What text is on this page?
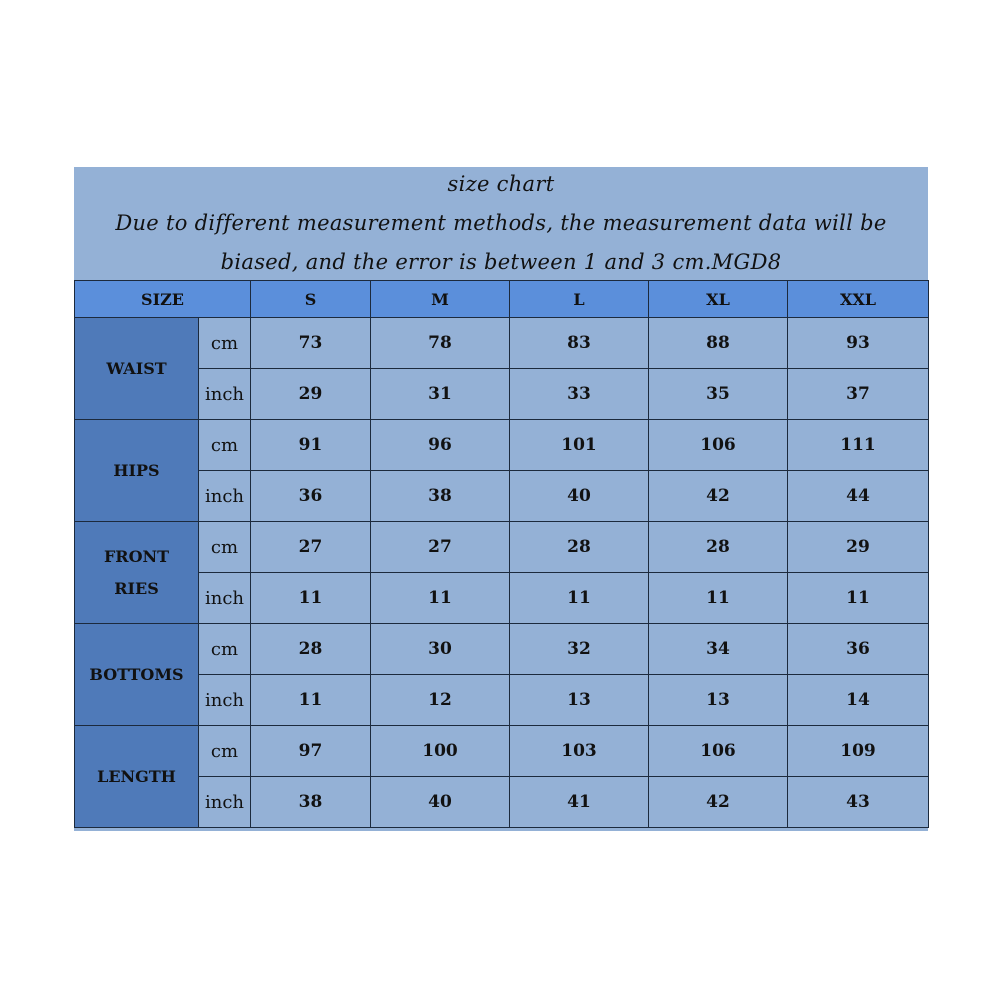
size chart
Due to different measurement methods, the measurement data will be
biased, and the error is between 1 and 3 cm.MGD8
SIZE		S	M	L	XL	XXL

WAIST	cm	73	78	83	88	93
	inch	29	31	33	35	37

HIPS	cm	91	96	101	106	111
	inch	36	38	40	42	44

FRONT
RIES	cm	27	27	28	28	29
	inch	11	11	11	11	11

BOTTOMS	cm	28	30	32	34	36
	inch	11	12	13	13	14

LENGTH	cm	97	100	103	106	109
	inch	38	40	41	42	43
